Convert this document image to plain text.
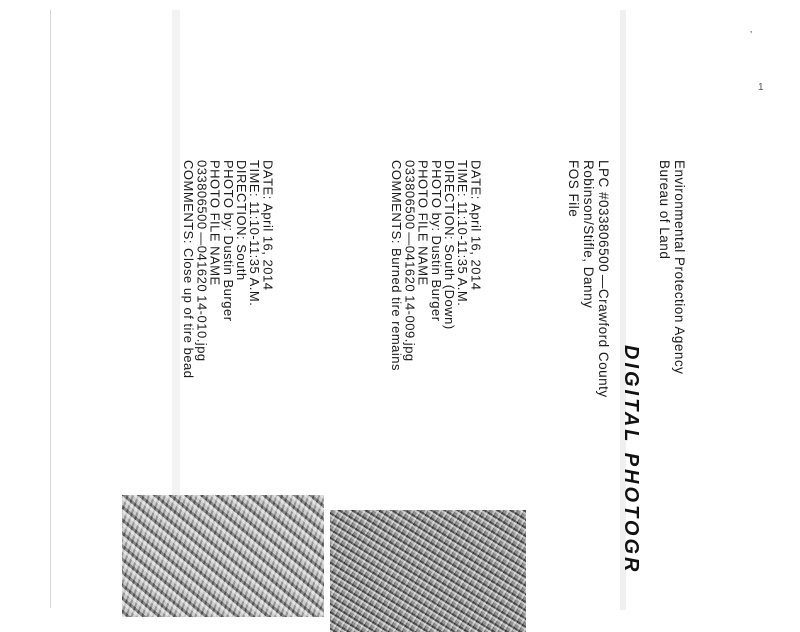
Environmental Protection Agency
Bureau of Land
DIGITAL PHOTOGR
LPC #033806500 —Crawford County
Robinson/Stifle, Danny
FOS File
DATE: April 16, 2014
TIME: 11:10-11:35 A.M.
DIRECTION: South (Down)
PHOTO by: Dustin Burger
PHOTO FILE NAME
033806500 —041620 14-009.jpg
COMMENTS: Burned tire remains
DATE: April 16, 2014
TIME: 11:10-11:35 A.M.
DIRECTION: South
PHOTO by: Dustin Burger
PHOTO FILE NAME
033806500 —041620 14-010.jpg
COMMENTS: Close up of tire bead
’
1
